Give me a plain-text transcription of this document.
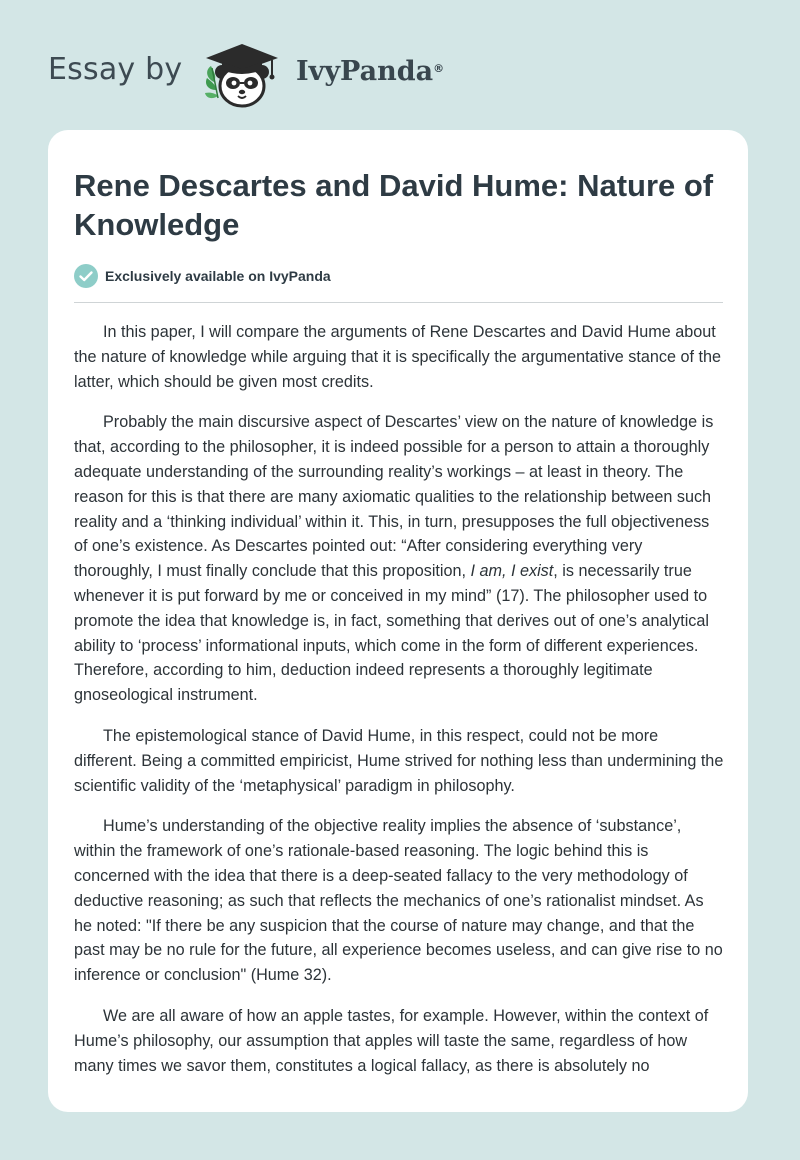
Essay by	IvyPanda®
Rene Descartes and David Hume: Nature of Knowledge
Exclusively available on IvyPanda

In this paper, I will compare the arguments of Rene Descartes and David Hume about the nature of knowledge while arguing that it is specifically the argumentative stance of the latter, which should be given most credits.

Probably the main discursive aspect of Descartes’ view on the nature of knowledge is that, according to the philosopher, it is indeed possible for a person to attain a thoroughly adequate understanding of the surrounding reality’s workings – at least in theory. The reason for this is that there are many axiomatic qualities to the relationship between such reality and a ‘thinking individual’ within it. This, in turn, presupposes the full objectiveness of one’s existence. As Descartes pointed out: “After considering everything very thoroughly, I must finally conclude that this proposition, I am, I exist, is necessarily true whenever it is put forward by me or conceived in my mind” (17). The philosopher used to promote the idea that knowledge is, in fact, something that derives out of one’s analytical ability to ‘process’ informational inputs, which come in the form of different experiences. Therefore, according to him, deduction indeed represents a thoroughly legitimate gnoseological instrument.

The epistemological stance of David Hume, in this respect, could not be more different. Being a committed empiricist, Hume strived for nothing less than undermining the scientific validity of the ‘metaphysical’ paradigm in philosophy.

Hume’s understanding of the objective reality implies the absence of ‘substance’, within the framework of one’s rationale-based reasoning. The logic behind this is concerned with the idea that there is a deep-seated fallacy to the very methodology of deductive reasoning; as such that reflects the mechanics of one’s rationalist mindset. As he noted: "If there be any suspicion that the course of nature may change, and that the past may be no rule for the future, all experience becomes useless, and can give rise to no inference or conclusion" (Hume 32).

We are all aware of how an apple tastes, for example. However, within the context of Hume’s philosophy, our assumption that apples will taste the same, regardless of how many times we savor them, constitutes a logical fallacy, as there is absolutely no
